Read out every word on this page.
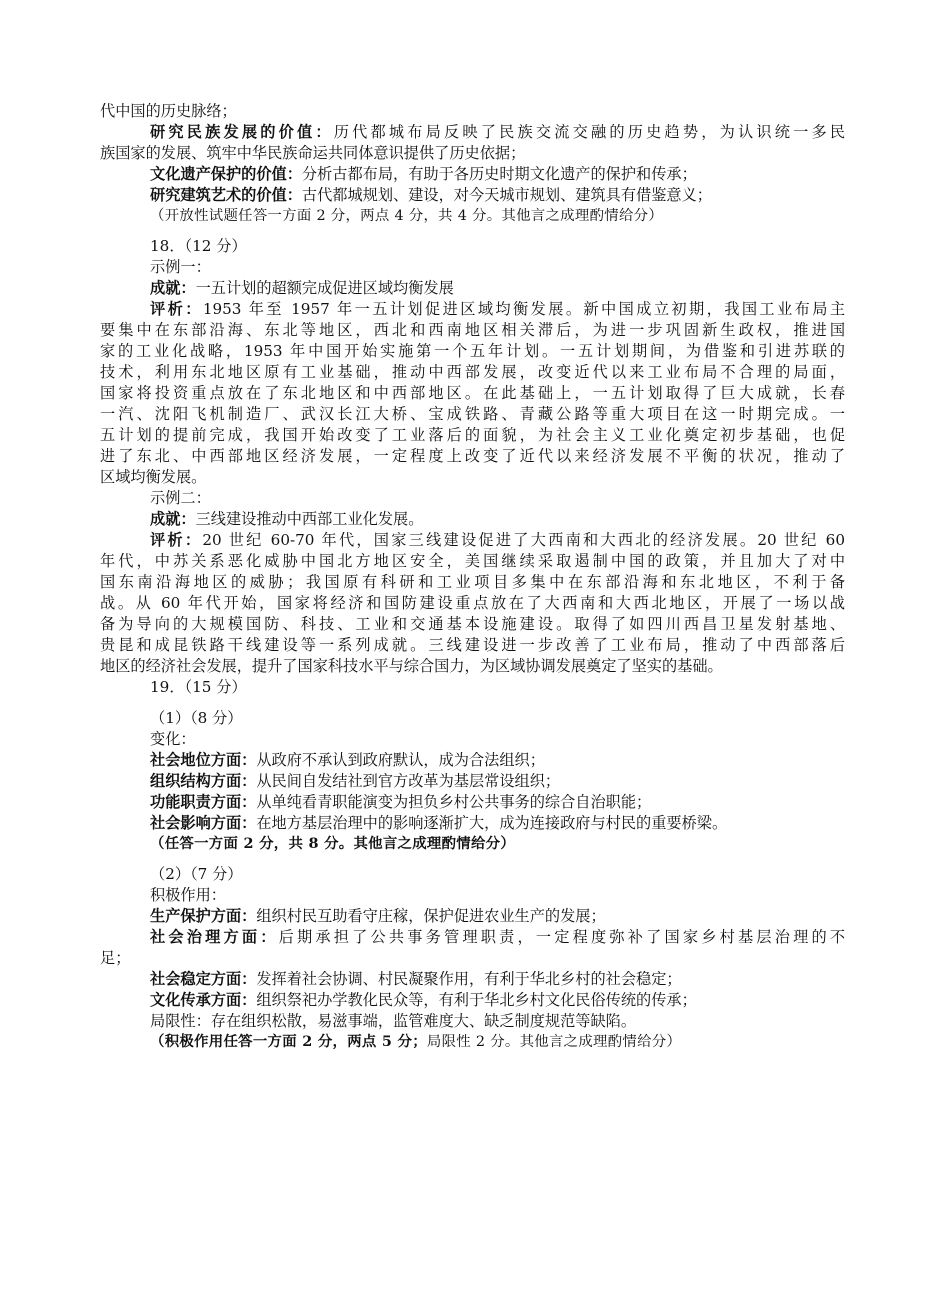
代中国的历史脉络；
研究民族发展的价值：历代都城布局反映了民族交流交融的历史趋势，为认识统一多民
族国家的发展、筑牢中华民族命运共同体意识提供了历史依据；
文化遗产保护的价值：分析古都布局，有助于各历史时期文化遗产的保护和传承；
研究建筑艺术的价值：古代都城规划、建设，对今天城市规划、建筑具有借鉴意义；
（开放性试题任答一方面 2 分，两点 4 分，共 4 分。其他言之成理酌情给分）
18．（12 分）
示例一：
成就：一五计划的超额完成促进区域均衡发展
评析：1953 年至 1957 年一五计划促进区域均衡发展。新中国成立初期，我国工业布局主
要集中在东部沿海、东北等地区，西北和西南地区相关滞后，为进一步巩固新生政权，推进国
家的工业化战略，1953 年中国开始实施第一个五年计划。一五计划期间，为借鉴和引进苏联的
技术，利用东北地区原有工业基础，推动中西部发展，改变近代以来工业布局不合理的局面，
国家将投资重点放在了东北地区和中西部地区。在此基础上，一五计划取得了巨大成就，长春
一汽、沈阳飞机制造厂、武汉长江大桥、宝成铁路、青藏公路等重大项目在这一时期完成。一
五计划的提前完成，我国开始改变了工业落后的面貌，为社会主义工业化奠定初步基础，也促
进了东北、中西部地区经济发展，一定程度上改变了近代以来经济发展不平衡的状况，推动了
区域均衡发展。
示例二：
成就：三线建设推动中西部工业化发展。
评析：20 世纪 60-70 年代，国家三线建设促进了大西南和大西北的经济发展。20 世纪 60
年代，中苏关系恶化威胁中国北方地区安全，美国继续采取遏制中国的政策，并且加大了对中
国东南沿海地区的威胁；我国原有科研和工业项目多集中在东部沿海和东北地区，不利于备
战。从 60 年代开始，国家将经济和国防建设重点放在了大西南和大西北地区，开展了一场以战
备为导向的大规模国防、科技、工业和交通基本设施建设。取得了如四川西昌卫星发射基地、
贵昆和成昆铁路干线建设等一系列成就。三线建设进一步改善了工业布局，推动了中西部落后
地区的经济社会发展，提升了国家科技水平与综合国力，为区域协调发展奠定了坚实的基础。
19．（15 分）
（1）（8 分）
变化：
社会地位方面：从政府不承认到政府默认，成为合法组织；
组织结构方面：从民间自发结社到官方改革为基层常设组织；
功能职责方面：从单纯看青职能演变为担负乡村公共事务的综合自治职能；
社会影响方面：在地方基层治理中的影响逐渐扩大，成为连接政府与村民的重要桥梁。
（任答一方面 2 分，共 8 分。其他言之成理酌情给分）
（2）（7 分）
积极作用：
生产保护方面：组织村民互助看守庄稼，保护促进农业生产的发展；
社会治理方面：后期承担了公共事务管理职责，一定程度弥补了国家乡村基层治理的不
足；
社会稳定方面：发挥着社会协调、村民凝聚作用，有利于华北乡村的社会稳定；
文化传承方面：组织祭祀办学教化民众等，有利于华北乡村文化民俗传统的传承；
局限性：存在组织松散，易滋事端，监管难度大、缺乏制度规范等缺陷。
（积极作用任答一方面 2 分，两点 5 分；局限性 2 分。其他言之成理酌情给分）
